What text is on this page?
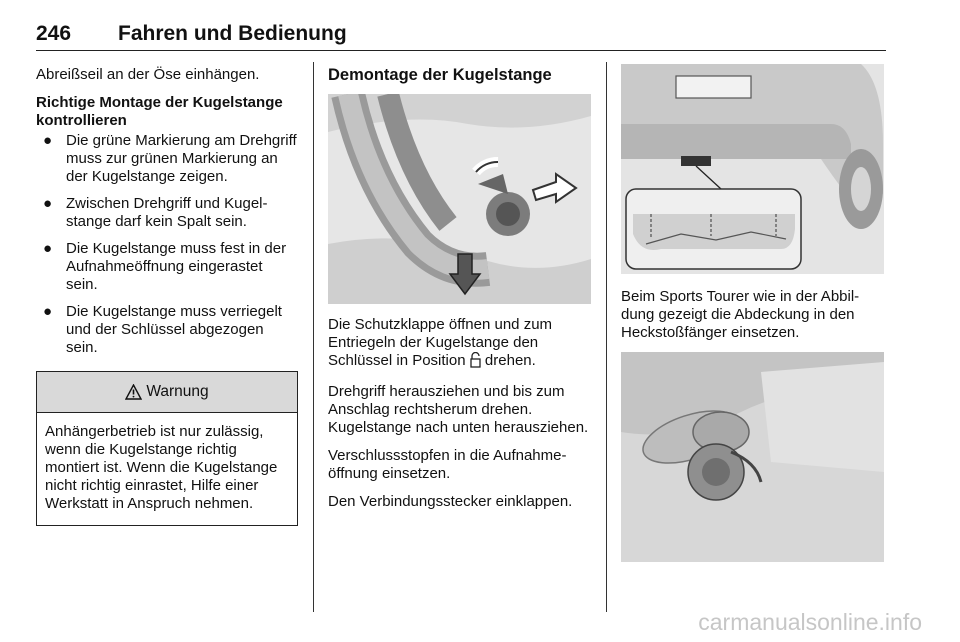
246 Fahren und Bedienung

Abreißseil an der Öse einhängen.

Richtige Montage der Kugelstange
kontrollieren

● Die grüne Markierung am Drehgriff muss zur grünen Markierung an der Kugelstange zeigen.
● Zwischen Drehgriff und Kugelstange darf kein Spalt sein.
● Die Kugelstange muss fest in der Aufnahmeöffnung eingerastet sein.
● Die Kugelstange muss verriegelt und der Schlüssel abgezogen sein.
Warnung
Anhängerbetrieb ist nur zulässig, wenn die Kugelstange richtig montiert ist. Wenn die Kugelstange nicht richtig einrastet, Hilfe einer Werkstatt in Anspruch nehmen.
Demontage der Kugelstange

Die Schutzklappe öffnen und zum Entriegeln der Kugelstange den Schlüssel in Position drehen.

Drehgriff herausziehen und bis zum Anschlag rechtsherum drehen. Kugelstange nach unten herausziehen.

Verschlussstopfen in die Aufnahmeöffnung einsetzen.

Den Verbindungsstecker einklappen.

Beim Sports Tourer wie in der Abbildung gezeigt die Abdeckung in den Heckstoßfänger einsetzen.

carmanualsonline.info
